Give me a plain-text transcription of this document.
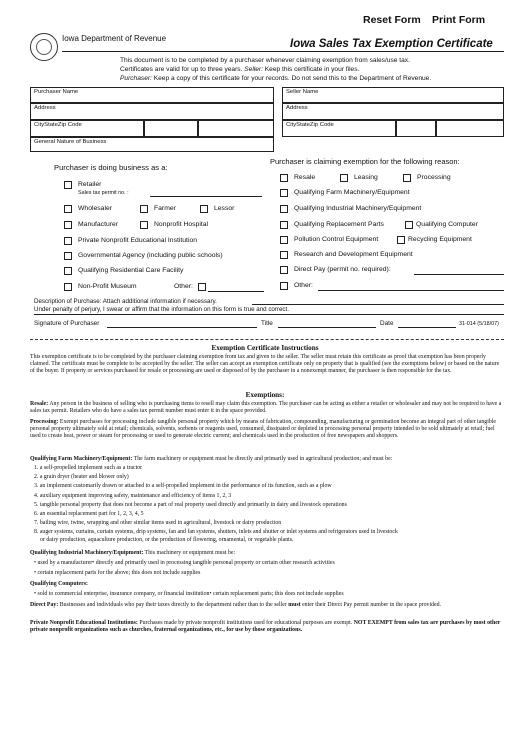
Reset Form Print Form
Iowa Department of Revenue	Iowa Sales Tax Exemption Certificate
This document is to be completed by a purchaser whenever claiming exemption from sales/use tax.
Certificates are valid for up to three years. Seller: Keep this certificate in your files.
Purchaser: Keep a copy of this certificate for your records. Do not send this to the Department of Revenue.
Purchaser Name	Seller Name
Address	Address
CityStateZip Code	CityStateZip Code
General Nature of Business
Purchaser is doing business as a:
Retailer
Sales tax permit no. :
Wholesaler	Farmer	Lessor
Manufacturer	Nonprofit Hospital
Private Nonprofit Educational Institution
Governmental Agency (including public schools)
Qualifying Residential Care Facility
Non-Profit Museum	Other:
Purchaser is claiming exemption for the following reason:
Resale	Leasing	Processing
Qualifying Farm Machinery/Equipment
Qualifying Industrial Machinery/Equipment
Qualifying Replacement Parts	Qualifying Computer
Pollution Control Equipment	Recycling Equipment
Research and Development Equipment
Direct Pay (permit no. required):
Other:
Description of Purchase: Attach additional information if necessary.
Under penalty of perjury, I swear or affirm that the information on this form is true and correct.
Signature of Purchaser	Title	Date	31-014 (5/18/07)
Exemption Certificate Instructions
This exemption certificate is to be completed by the purchaser claiming exemption from tax and given to the seller. The seller must retain this certificate as proof that exemption has been properly claimed. The certificate must be complete to be accepted by the seller. The seller can accept an exemption certificate only on property that is qualified (see the exemptions below) or based on the nature of the buyer. If property or services purchased for resale or processing are used or disposed of by the purchaser in a nonexempt manner, the purchaser is then responsible for the tax.
Exemptions:
Resale: Any person in the business of selling who is purchasing items to resell may claim this exemption. The purchaser can be acting as either a retailer or wholesaler and may not be required to have a sales tax permit. Retailers who do have a sales tax permit number must enter it in the space provided.
Processing: Exempt purchases for processing include tangible personal property which by means of fabrication, compounding, manufacturing or germination become an integral part of other tangible personal property ultimately sold at retail; chemicals, solvents, sorbents or reagents used, consumed, dissipated or depleted in processing personal property intended to be sold ultimately at retail; fuel used to create heat, power or steam for processing or used to generate electric current; and chemicals used in the production of free newspapers and shoppers.
Qualifying Farm Machinery/Equipment: The farm machinery or equipment must be directly and primarily used in agricultural production; and must be:
1. a self-propelled implement such as a tractor
2. a grain dryer (heater and blower only)
3. an implement customarily drawn or attached to a self-propelled implement in the performance of its function, such as a plow
4. auxiliary equipment improving safety, maintenance and efficiency of items 1, 2, 3
5. tangible personal property that does not become a part of real property used directly and primarily in dairy and livestock operations
6. an essential replacement part for 1, 2, 3, 4, 5
7. bailing wire, twine, wrapping and other similar items used in agricultural, livestock or dairy production
8. auger systems, curtains, curtain systems, drip systems, fan and fan systems, shutters, inlets and shutter or inlet systems and refrigerators used in livestock
or dairy production, aquaculture production, or the production of flowering, ornamental, or vegetable plants.
Qualifying Industrial Machinery/Equipment: This machinery or equipment must be:
• used by a manufacturer• directly and primarily used in processing tangible personal property or certain other research activities
• certain replacement parts for the above; this does not include supplies
Qualifying Computers:
• sold to commercial enterprise, insurance company, or financial institution• certain replacement parts; this does not include supplies
Direct Pay: Businesses and individuals who pay their taxes directly to the department rather than to the seller must enter their Direct Pay permit number in the space provided.
Private Nonprofit Educational Institutions: Purchases made by private nonprofit institutions used for educational purposes are exempt. NOT EXEMPT from sales tax are purchases by most other private nonprofit organizations such as churches, fraternal organizations, etc., for use by those organizations.
